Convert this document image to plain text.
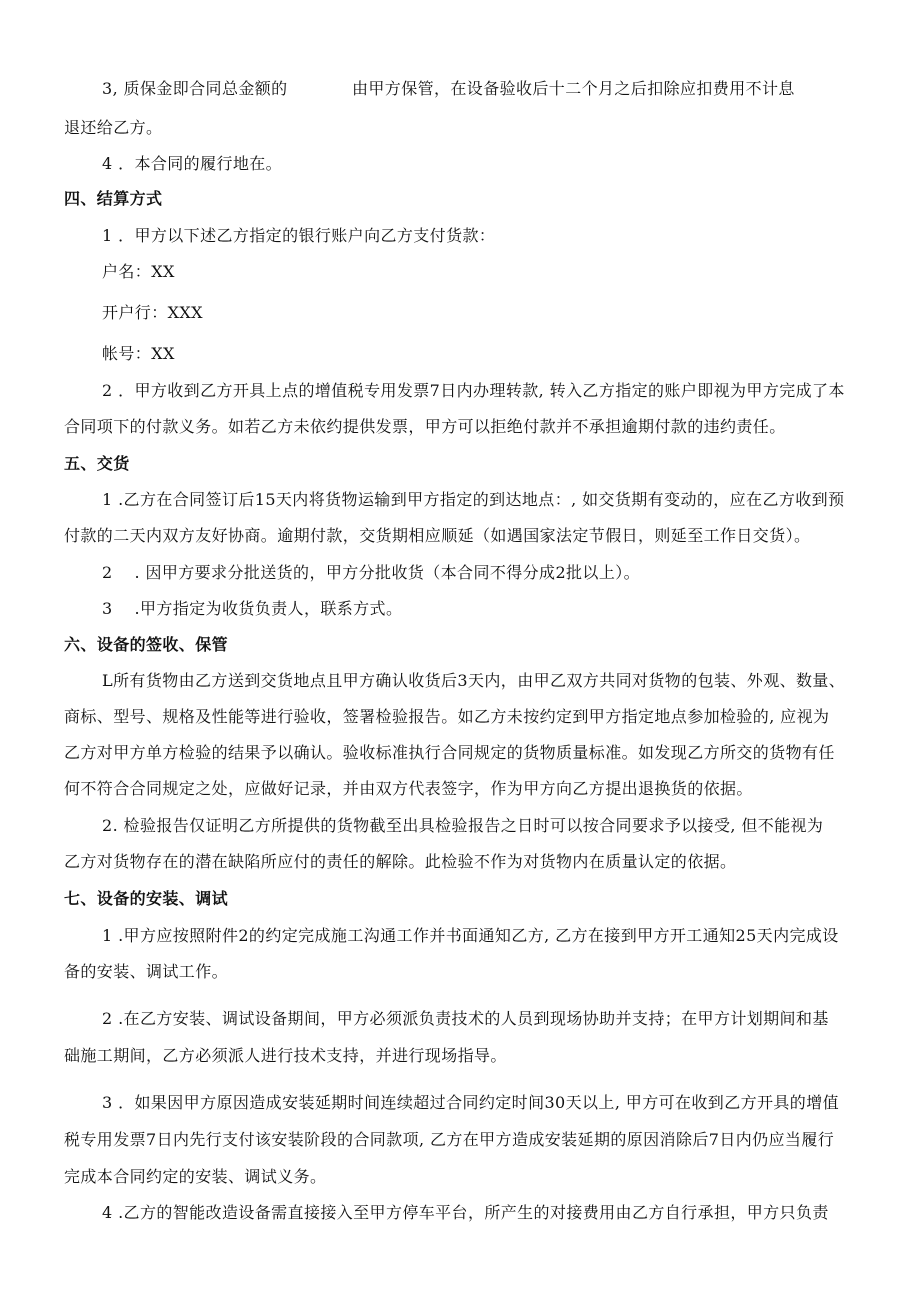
3, 质保金即合同总金额的	由甲方保管，在设备验收后十二个月之后扣除应扣费用不计息

退还给乙方。

4 ．本合同的履行地在。

四、结算方式

1 ．甲方以下述乙方指定的银行账户向乙方支付货款：

户名：XX

开户行：XXX

帐号：XX

2 ．甲方收到乙方开具上点的增值税专用发票7日内办理转款, 转入乙方指定的账户即视为甲方完成了本

合同项下的付款义务。如若乙方未依约提供发票，甲方可以拒绝付款并不承担逾期付款的违约责任。

五、交货

1 .乙方在合同签订后15天内将货物运输到甲方指定的到达地点：, 如交货期有变动的，应在乙方收到预

付款的二天内双方友好协商。逾期付款，交货期相应顺延（如遇国家法定节假日，则延至工作日交货）。

2 　. 因甲方要求分批送货的，甲方分批收货（本合同不得分成2批以上）。

3 　.甲方指定为收货负责人，联系方式。

六、设备的签收、保管

L所有货物由乙方送到交货地点且甲方确认收货后3天内，由甲乙双方共同对货物的包装、外观、数量、

商标、型号、规格及性能等进行验收，签署检验报告。如乙方未按约定到甲方指定地点参加检验的, 应视为

乙方对甲方单方检验的结果予以确认。验收标准执行合同规定的货物质量标准。如发现乙方所交的货物有任

何不符合合同规定之处，应做好记录，并由双方代表签字，作为甲方向乙方提出退换货的依据。

2. 检验报告仅证明乙方所提供的货物截至出具检验报告之日时可以按合同要求予以接受, 但不能视为

乙方对货物存在的潜在缺陷所应付的责任的解除。此检验不作为对货物内在质量认定的依据。

七、设备的安装、调试

1 .甲方应按照附件2的约定完成施工沟通工作并书面通知乙方, 乙方在接到甲方开工通知25天内完成设

备的安装、调试工作。

2 .在乙方安装、调试设备期间，甲方必须派负责技术的人员到现场协助并支持；在甲方计划期间和基

础施工期间，乙方必须派人进行技术支持，并进行现场指导。

3 ．如果因甲方原因造成安装延期时间连续超过合同约定时间30天以上, 甲方可在收到乙方开具的增值

税专用发票7日内先行支付该安装阶段的合同款项, 乙方在甲方造成安装延期的原因消除后7日内仍应当履行

完成本合同约定的安装、调试义务。

4 .乙方的智能改造设备需直接接入至甲方停车平台，所产生的对接费用由乙方自行承担，甲方只负责
